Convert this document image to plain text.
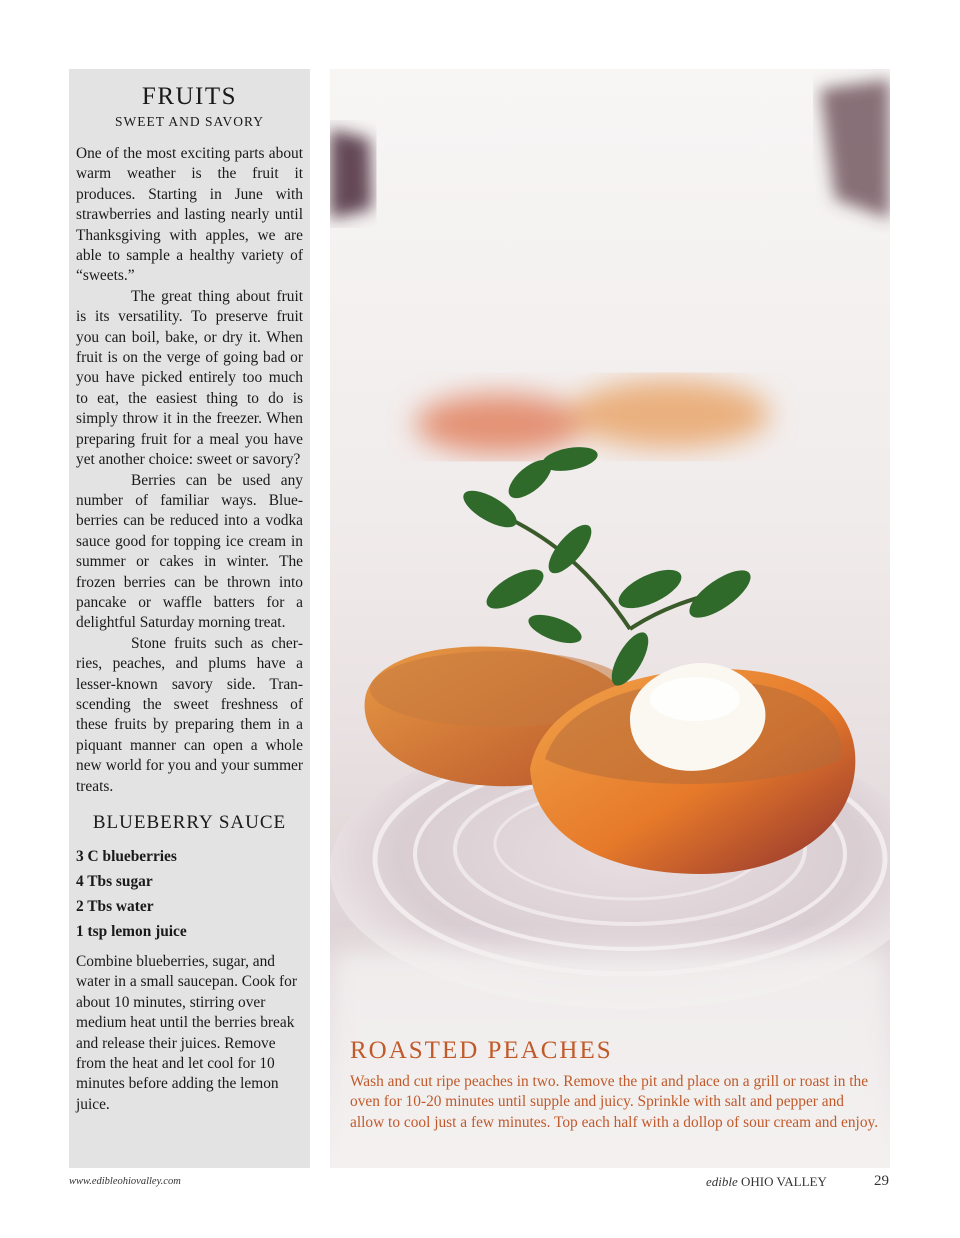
FRUITS
SWEET AND SAVORY

One of the most exciting parts about warm weather is the fruit it produces. Starting in June with strawberries and lasting nearly until Thanksgiving with apples, we are able to sample a healthy variety of “sweets.”

The great thing about fruit is its versatility. To preserve fruit you can boil, bake, or dry it. When fruit is on the verge of going bad or you have picked entirely too much to eat, the easiest thing to do is simply throw it in the freezer. When preparing fruit for a meal you have yet another choice: sweet or savory?

Berries can be used any number of familiar ways. Blueberries can be reduced into a vodka sauce good for topping ice cream in summer or cakes in winter. The frozen berries can be thrown into pancake or waffle batters for a delightful Saturday morning treat.

Stone fruits such as cherries, peaches, and plums have a lesser-known savory side. Transcending the sweet freshness of these fruits by preparing them in a piquant manner can open a whole new world for you and your summer treats.

BLUEBERRY SAUCE
3 C blueberries
4 Tbs sugar
2 Tbs water
1 tsp lemon juice
Combine blueberries, sugar, and water in a small saucepan. Cook for about 10 minutes, stirring over medium heat until the berries break and release their juices. Remove from the heat and let cool for 10 minutes before adding the lemon juice.
ROASTED PEACHES
Wash and cut ripe peaches in two. Remove the pit and place on a grill or roast in the oven for 10-20 minutes until supple and juicy. Sprinkle with salt and pepper and allow to cool just a few minutes. Top each half with a dollop of sour cream and enjoy.
www.edibleohiovalley.com	edible OHIO VALLEY	29
